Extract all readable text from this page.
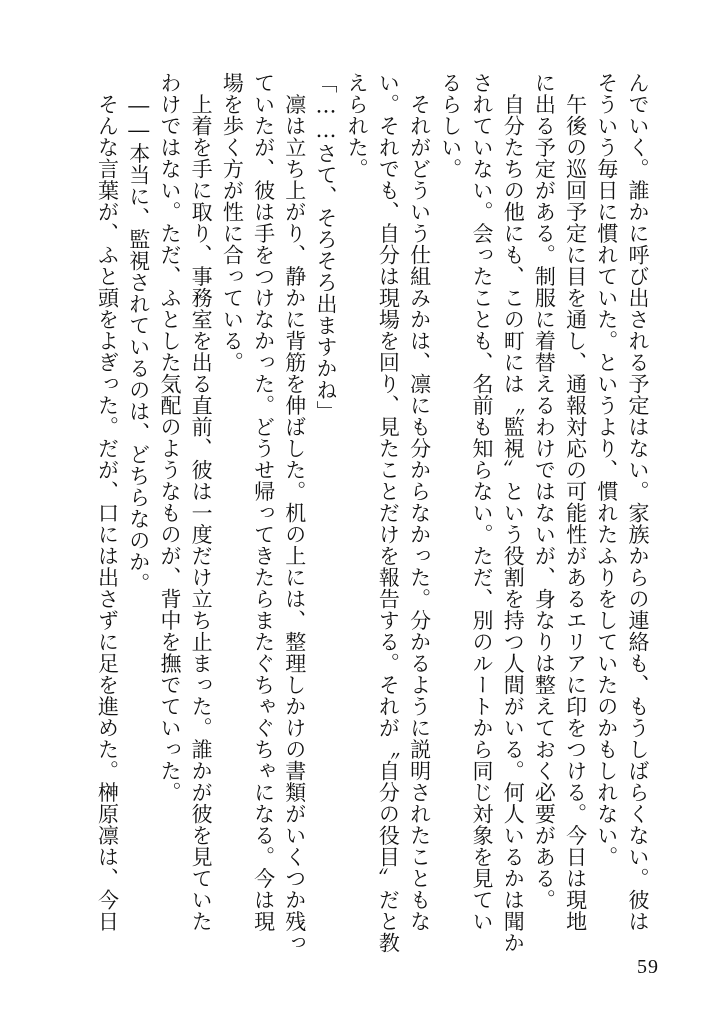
んでいく。誰かに呼び出される予定はない。家族からの連絡も、もうしばらくない。彼は
そういう毎日に慣れていた。というより、慣れたふりをしていたのかもしれない。
　午後の巡回予定に目を通し、通報対応の可能性があるエリアに印をつける。今日は現地
に出る予定がある。制服に着替えるわけではないが、身なりは整えておく必要がある。
　自分たちの他にも、この町には〝監視〟という役割を持つ人間がいる。何人いるかは聞か
されていない。会ったことも、名前も知らない。ただ、別のルートから同じ対象を見てい
るらしい。
　それがどういう仕組みかは、凛にも分からなかった。分かるように説明されたこともな
い。それでも、自分は現場を回り、見たことだけを報告する。それが〝自分の役目〟だと教
えられた。
「……さて、そろそろ出ますかね」
　凛は立ち上がり、静かに背筋を伸ばした。机の上には、整理しかけの書類がいくつか残っ
ていたが、彼は手をつけなかった。どうせ帰ってきたらまたぐちゃぐちゃになる。今は現
場を歩く方が性に合っている。
　上着を手に取り、事務室を出る直前、彼は一度だけ立ち止まった。誰かが彼を見ていた
わけではない。ただ、ふとした気配のようなものが、背中を撫でていった。
　――本当に、監視されているのは、どちらなのか。
　そんな言葉が、ふと頭をよぎった。だが、口には出さずに足を進めた。榊原凛は、今日
59
